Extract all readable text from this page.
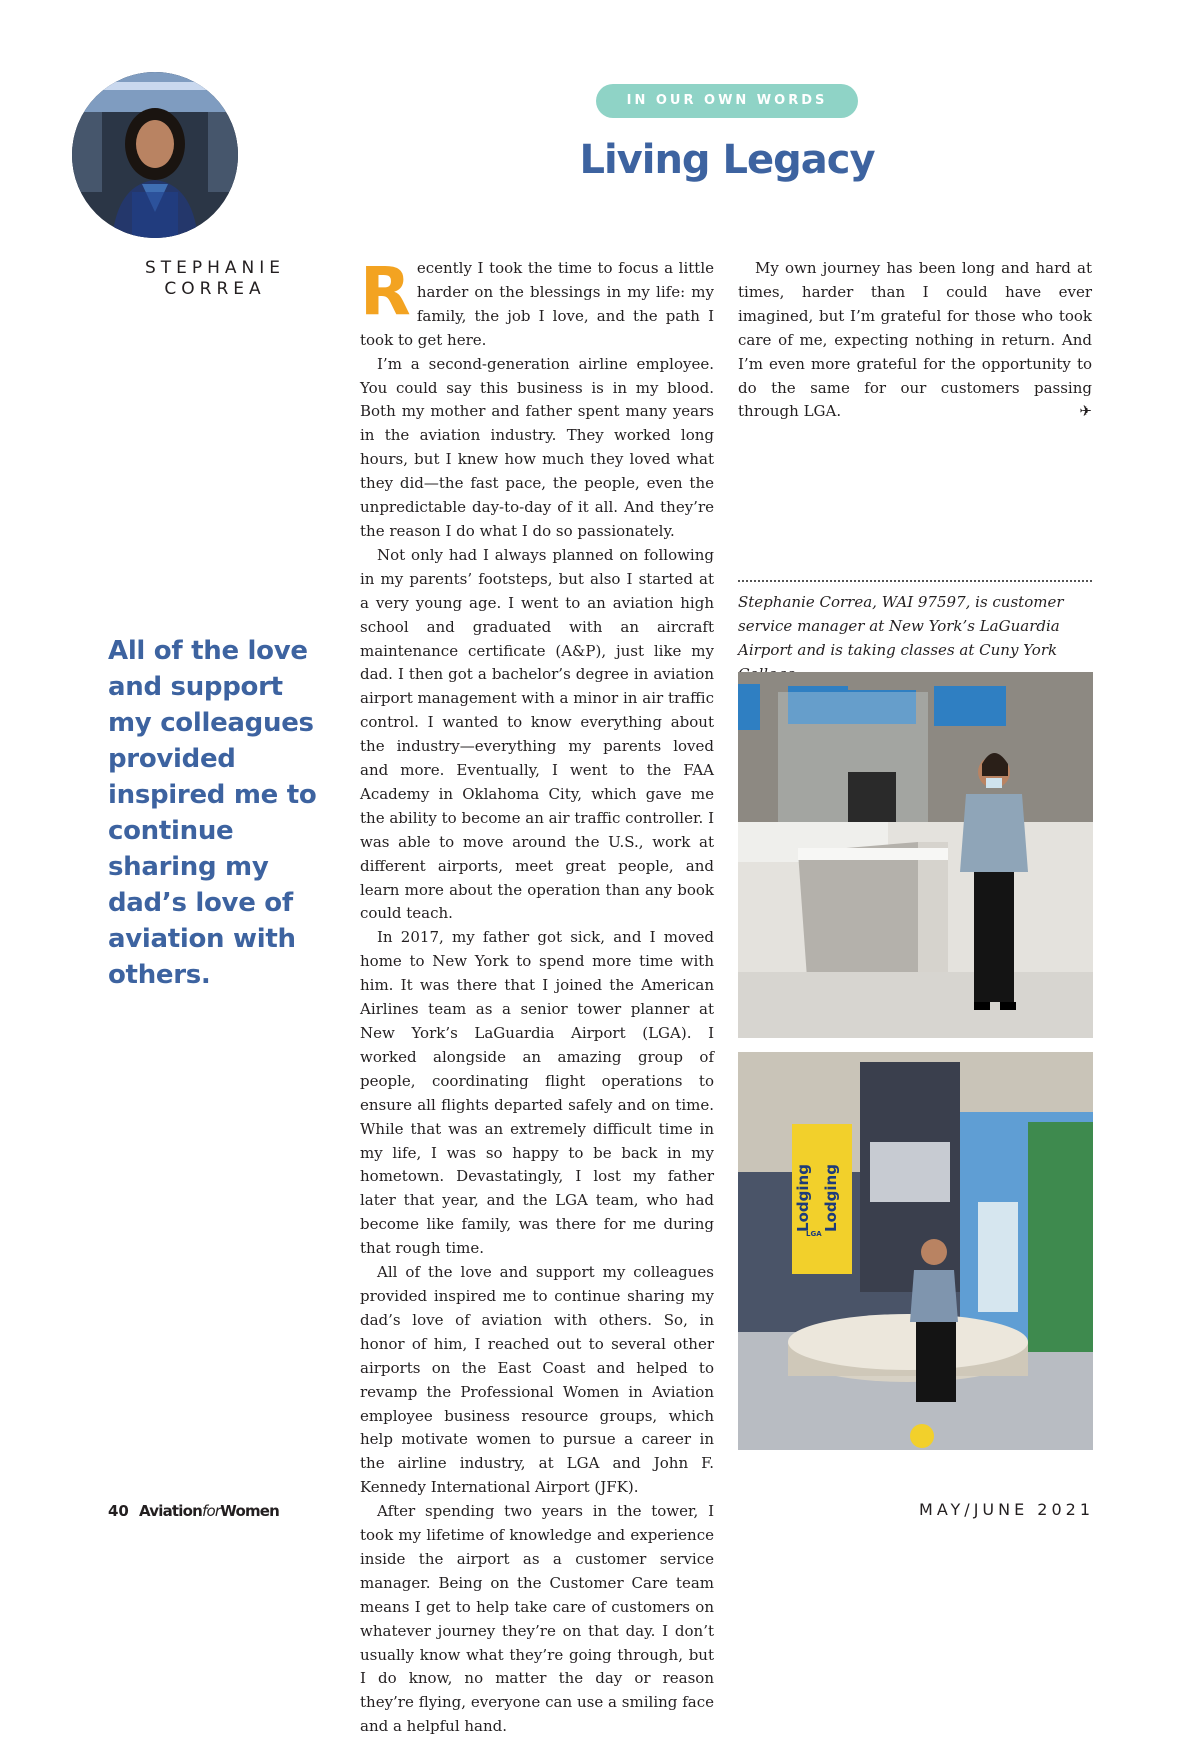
STEPHANIE
CORREA
All of the love and support my colleagues provided inspired me to continue sharing my dad’s love of aviation with others.
IN OUR OWN WORDS
Living Legacy

Recently I took the time to focus a little harder on the blessings in my life: my family, the job I love, and the path I took to get here.

I’m a second-generation airline employee. You could say this business is in my blood. Both my mother and father spent many years in the aviation industry. They worked long hours, but I knew how much they loved what they did—the fast pace, the people, even the unpredictable day-to-day of it all. And they’re the reason I do what I do so passionately.

Not only had I always planned on following in my parents’ footsteps, but also I started at a very young age. I went to an aviation high school and graduated with an aircraft maintenance certificate (A&P), just like my dad. I then got a bachelor’s degree in aviation airport management with a minor in air traffic control. I wanted to know everything about the industry—everything my parents loved and more. Eventually, I went to the FAA Academy in Oklahoma City, which gave me the ability to become an air traffic controller. I was able to move around the U.S., work at different airports, meet great people, and learn more about the operation than any book could teach.

In 2017, my father got sick, and I moved home to New York to spend more time with him. It was there that I joined the American Airlines team as a senior tower planner at New York’s LaGuardia Airport (LGA). I worked alongside an amazing group of people, coordinating flight operations to ensure all flights departed safely and on time. While that was an extremely difficult time in my life, I was so happy to be back in my hometown. Devastatingly, I lost my father later that year, and the LGA team, who had become like family, was there for me during that rough time.

All of the love and support my colleagues provided inspired me to continue sharing my dad’s love of aviation with others. So, in honor of him, I reached out to several other airports on the East Coast and helped to revamp the Professional Women in Aviation employee business resource groups, which help motivate women to pursue a career in the airline industry, at LGA and John F. Kennedy International Airport (JFK).

After spending two years in the tower, I took my lifetime of knowledge and experience inside the airport as a customer service manager. Being on the Customer Care team means I get to help take care of customers on whatever journey they’re on that day. I don’t usually know what they’re going through, but I do know, no matter the day or reason they’re flying, everyone can use a smiling face and a helpful hand.

My own journey has been long and hard at times, harder than I could have ever imagined, but I’m grateful for those who took care of me, expecting nothing in return. And I’m even more grateful for the opportunity to do the same for our customers passing through LGA.	✈

Stephanie Correa, WAI 97597, is customer service manager at New York’s LaGuardia Airport and is taking classes at Cuny York
Lodging Lodging
LGA
40 AviationforWomen	MAY/JUNE 2021
